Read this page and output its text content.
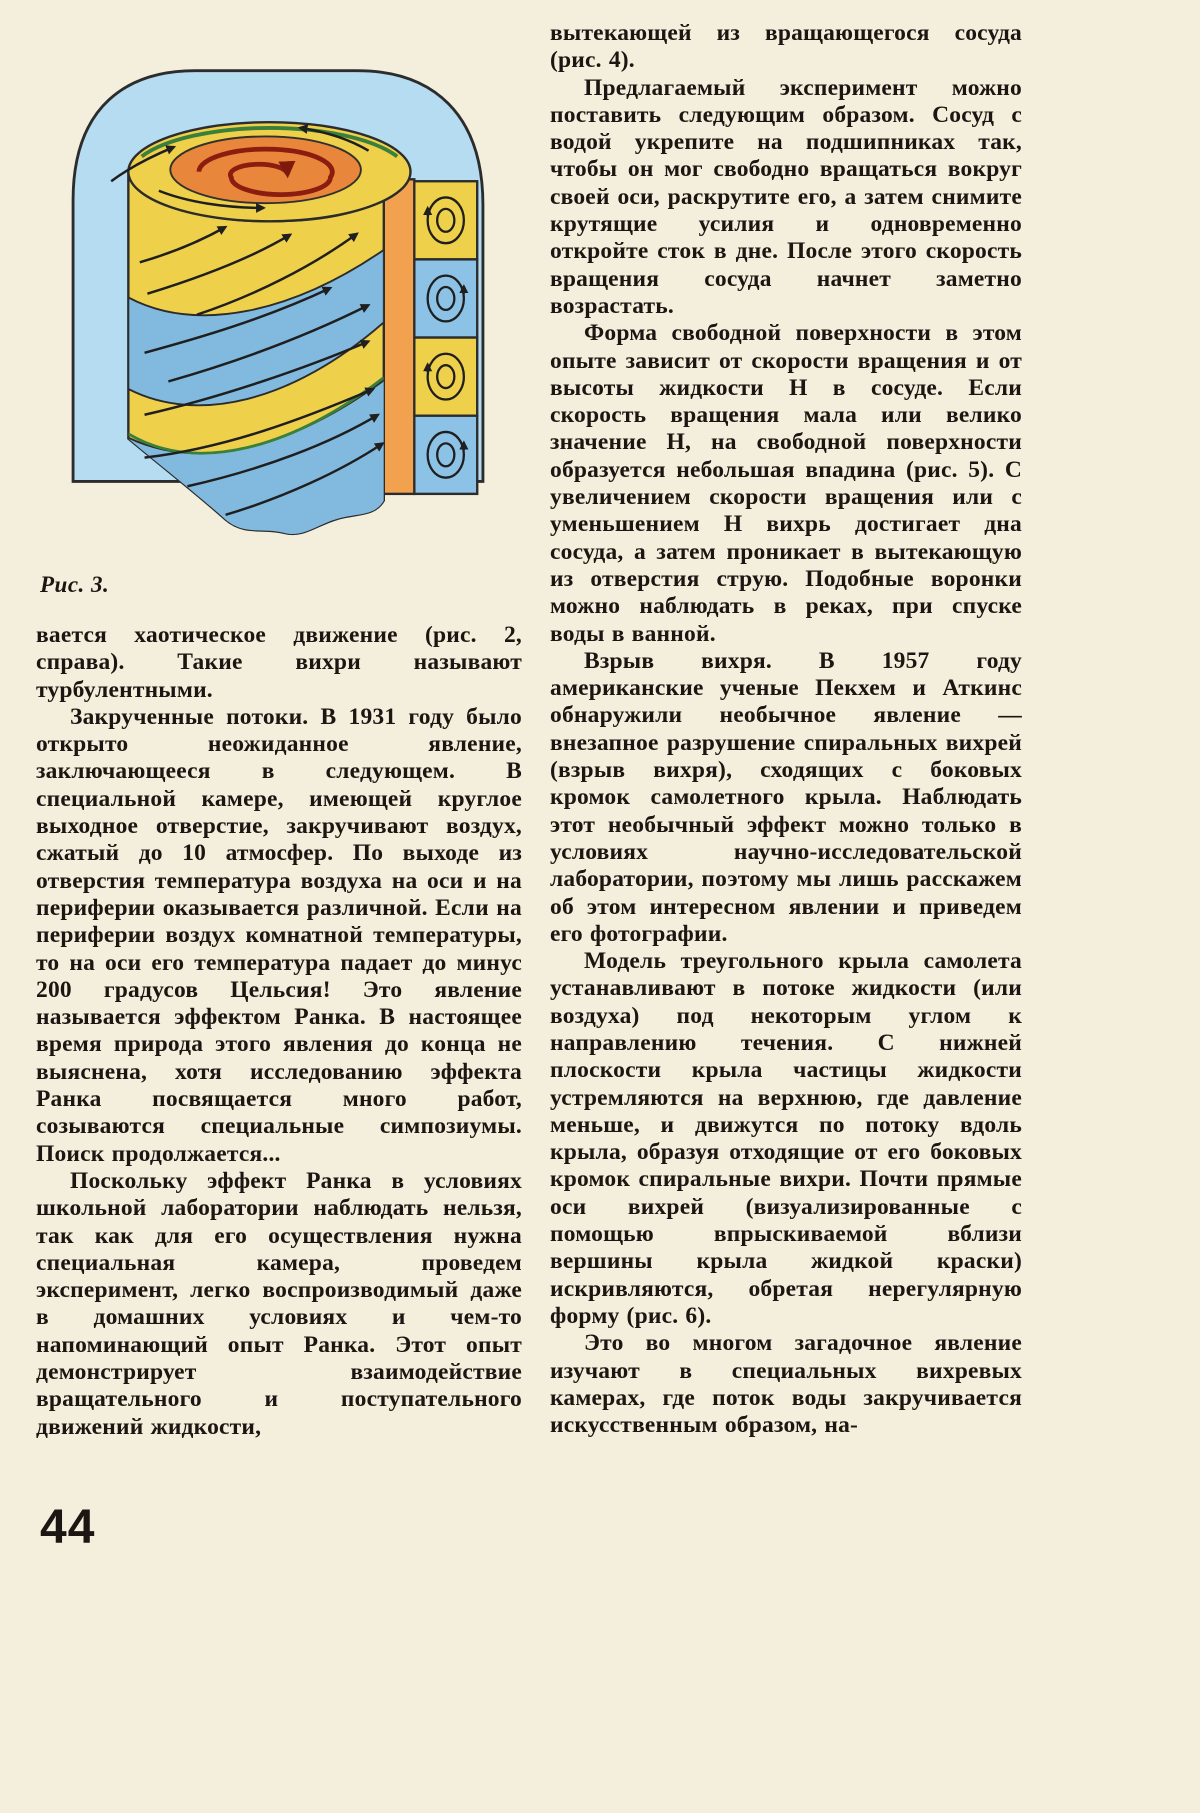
Рис. 3.

вается хаотическое движение (рис. 2, справа). Такие вихри называют турбулентными.

Закрученные потоки. В 1931 году было открыто неожиданное явление, заключающееся в следующем. В специальной камере, имеющей круглое выходное отверстие, закручивают воздух, сжатый до 10 атмосфер. По выходе из отверстия температура воздуха на оси и на периферии оказывается различной. Если на периферии воздух комнатной температуры, то на оси его температура падает до минус 200 градусов Цельсия! Это явление называется эффектом Ранка. В настоящее время природа этого явления до конца не выяснена, хотя исследованию эффекта Ранка посвящается много работ, созываются специальные симпозиумы. Поиск продолжается...

Поскольку эффект Ранка в условиях школьной лаборатории наблюдать нельзя, так как для его осуществления нужна специальная камера, проведем эксперимент, легко воспроизводимый даже в домашних условиях и чем-то напоминающий опыт Ранка. Этот опыт демонстрирует взаимодействие вращательного и поступательного движений жидкости,

вытекающей из вращающегося сосуда (рис. 4).

Предлагаемый эксперимент можно поставить следующим образом. Сосуд с водой укрепите на подшипниках так, чтобы он мог свободно вращаться вокруг своей оси, раскрутите его, а затем снимите крутящие усилия и одновременно откройте сток в дне. После этого скорость вращения сосуда начнет заметно возрастать.

Форма свободной поверхности в этом опыте зависит от скорости вращения и от высоты жидкости H в сосуде. Если скорость вращения мала или велико значение H, на свободной поверхности образуется небольшая впадина (рис. 5). С увеличением скорости вращения или с уменьшением H вихрь достигает дна сосуда, а затем проникает в вытекающую из отверстия струю. Подобные воронки можно наблюдать в реках, при спуске воды в ванной.

Взрыв вихря. В 1957 году американские ученые Пекхем и Аткинс обнаружили необычное явление — внезапное разрушение спиральных вихрей (взрыв вихря), сходящих с боковых кромок самолетного крыла. Наблюдать этот необычный эффект можно только в условиях научно-исследовательской лаборатории, поэтому мы лишь расскажем об этом интересном явлении и приведем его фотографии.

Модель треугольного крыла самолета устанавливают в потоке жидкости (или воздуха) под некоторым углом к направлению течения. С нижней плоскости крыла частицы жидкости устремляются на верхнюю, где давление меньше, и движутся по потоку вдоль крыла, образуя отходящие от его боковых кромок спиральные вихри. Почти прямые оси вихрей (визуализированные с помощью впрыскиваемой вблизи вершины крыла жидкой краски) искривляются, обретая нерегулярную форму (рис. 6).

Это во многом загадочное явление изучают в специальных вихревых камерах, где поток воды закручивается искусственным образом, на-

44
